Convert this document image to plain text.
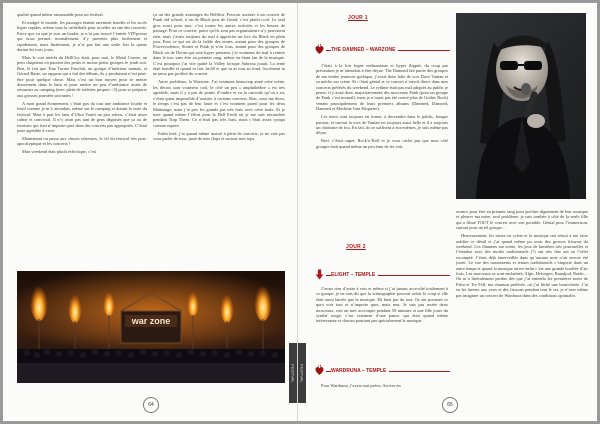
qualité quand même raisonnable pour un festival.

Et malgré le monde, les passages étaient rarement bondés et les accès hyper rapides, même sous la cathédrale pour accéder au site des concerts. Parce que vu que je suis un boulet, je n’ai pas trouvé l’entrée VIP/presse qui nous permet, normalement, d’y parvenir plus facilement et rapidement, mais finalement, je n’ai pas fait une seule fois la queue durant les trois jours.

Mais le vrai intérêt du HellCity était, pour moi, le Metal Corner, un petit chapiteau où passent des petits et moins petits groupes le jeudi soir. Bon, le fait que Tina Turner Fanclub, un groupe d’intérieur nantais, et Gérard Baste, un rappeur qui a fait des débuts, ils y produisent n’est peut-être pour quelque chose. Mais c’est un bon moyen pour se mettre doucement dans le bain et pour mettre un peu d’ambiance avant de retourner au camping (avec plein de toilettes propres <3) pour se préparer aux grosses journées suivantes !

A mon grand étonnement, c’était pas du tout une ambiance lourde et festif comme je m’y attendais, même sur le camping et durant le reste du festival. Mise à part les fans d’Ultra Vomit un peu relous, c’était assez calme et convivial. Il n’y avait pas tant de gens déguisés que ça ou de touristes qui font n’importe quoi dans des concerts pas appropriés. C’était juste agréable à vivre.

Maintenant on passe aux choses sérieuses, le vif du festival très post-apocalyptique et les concerts !

Mon weekend était plutôt éclectique, c’est

ça un des grands avantages du Hellfest. Pouvoir assister à un concert de Punk old school, à un de Black puis de Grind, c’est plutôt cool. Le seul gros souci pour moi, c’est toutes les autres activités et les heures de passage. Pour ce concert, parce qu’ils sont pas organisateurs n’y pouvaient rien, mais j’avais toujours du mal à apprécier un live du Black en plein jour. Pour ce qui est de la faible des tentes, autant pour des groupes de Powerviolence, Stoner et Punk je n’en fous, autant pour des groupes de Black ou de Doom qui sont hyper prenants j’ai vraiment du mal à rentrer dans le truc sans être au premier rang, même en étant fan de la musique. C’est pourquoi j’ai vite quitté la Valley lorsque Subrosa jouait. La tente était bondée et quand tu fais 1m50 et que tu as tout au fond, forcément tu ne peux pas profiter du concert.

Autre problème, la Warzone. J’ai vraiment beaucoup aimé cette scène, les décors sont vraiment cool, le côté un peu « amphithéâtre » est très agréable, mais il y a pas de points d’ombre et vu la canicule qu’on a eu, c’était quasi impossible d’assister à certains concerts. Bon, vous me direz, le temps c’est pas de leur faute et c’est vraiment pareil pour les deux Mainstage, mais j’ai pris les grands pas très frais avec cette foule. Et je note quand même l’effort pour la Hell Fresh où je me suis retranchée pendant Trap Them. Ce n’était pas très frais, mais c’était assez sympa comme espace.

Enfin bref, j’ai quand même assisté à plein de concerts, je ne vais pas vous parler de tous, juste de mes flops et surtout mes tops.

war zone
64
FESTIVAL	FESTIVAL
JOUR 1
THE DAMNED – WARZONE

J’étais à la fois hyper enthousiaste et hyper flippée, du coup par précaution je m’attendais à être déçue. The Damned fait partie des groupes de ma tendre jeunesse gothique, j’avais donc hâte de voir Dave Vanian et sa mèche sur scène. Et c’était génial et ce concert n’ouvrit direct dans mes concerts préférés du weekend. Le rythme était pas mal adoptés au public je pense, il y avait donc majoritairement des morceaux Punk (pour un groupe de Punk c’est normal), mais je n’aurai pas été contre plus de Gothic Rock) venant principalement de leurs premiers albums (Damned, Damned, Damned et Machine Gun Etiquette).

Les mecs sont toujours en forme, à descendre dans le public, bouger partout, et surtout la voix de Vanian est toujours aussi belle et il a toujours un charisme de fou. En fait, ils se suffisent à eux-mêmes, je suis même pas déçue.

Bref, c’était super, Rock’n’Roll et je vous cache pas que mon côté groupie était quand même un peu ému de les voir.

JOUR 2
ELIGHT – TEMPLE

J’avais rien d’autre à voir et même si j’ai jamais accroché totalement à ce groupe, je ne suis dit que la scénographie pouvait valoir le coup si elle était aussi barrée que la musique. Eh bien pas du tout. Ils ont pourtant ce quoi voir tout et n’importe quoi, mais non. Je suis pas restée deux morceaux, voir un mec accroupie pendant 50 minutes et une fille jouer du synthé rouge, c’est vraiment d’une pause, qui était quand même intéressante et chacun pourtant pas spécialement la musique.

WARDRUNA – TEMPLE

Pour Wardruna, j’avais tout prévu. Arriver en

avance pour être au premier rang pour profiter dignement de leur musique et pleurer ma mère, seul problème, je suis tombée à côté de la seule fille qui a filmé TOUT le concert avec son portable. Génial pour l’immersion, surtout pour un tel groupe…

Heureusement, les mises en scène et la musique ont réussi à me faire oublier ce détail et j’ai quand même pu avoir des grosses frissons du weekend. Les flammes sur scène, les jeux de lumières très ponctuelles et l’étendue avec des motifs traditionnels (?) ont très fins ont eu l’effet escompté. J’étais déjà émerveillée dans qu’aucune note n’ait encore été jouée. Le vue des instruments et tenues traditionnels c’emporte dans un autre temps et quand la musique arrive enfin c’est une grande bouffée d’air frais. Les morceaux se sont enchaînés, Algir, Helvegen, Runaljod, Raido… On m’a littéralement perdue dès que j’ai entendu les premières notes de Fehu et Tre Fell, ma chanson préférée, où j’ai lâché une larmichette. J’ai eu les larmes aux yeux et des frissons pendant tout le set, je n’oser même pas imaginer un concert de Wardruna dans des conditions optimales.

65
